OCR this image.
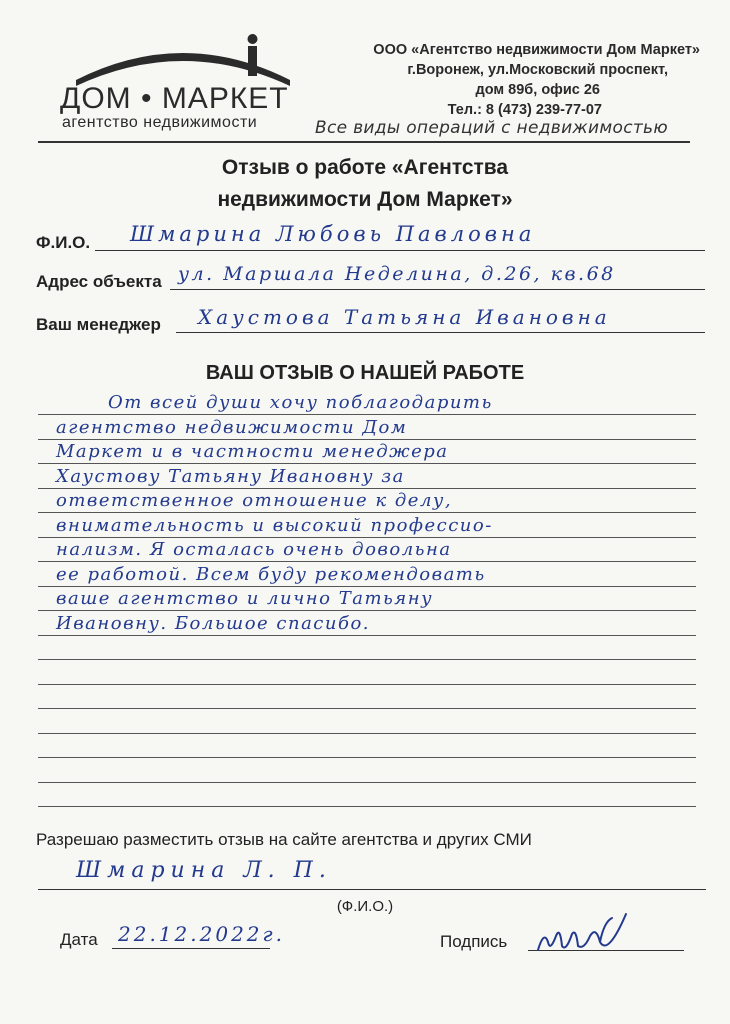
ДОМ • МАРКЕТ
агентство недвижимости
ООО «Агентство недвижимости Дом Маркет»
г.Воронеж, ул.Московский проспект,
дом 89б, офис 26
Тел.: 8 (473) 239-77-07
Все виды операций с недвижимостью
Отзыв о работе «Агентства
недвижимости Дом Маркет»
Ф.И.О. Шмарина Любовь Павловна
Адрес объекта ул. Маршала Неделина, д.26, кв.68
Ваш менеджер Хаустова Татьяна Ивановна
ВАШ ОТЗЫВ О НАШЕЙ РАБОТЕ
От всей души хочу поблагодарить
агентство недвижимости Дом
Маркет и в частности менеджера
Хаустову Татьяну Ивановну за
ответственное отношение к делу,
внимательность и высокий профессио-
нализм. Я осталась очень довольна
ее работой. Всем буду рекомендовать
ваше агентство и лично Татьяну
Ивановну. Большое спасибо.
Разрешаю разместить отзыв на сайте агентства и других СМИ
Шмарина Л. П.
(Ф.И.О.)
Дата 22.12.2022г.	Подпись
